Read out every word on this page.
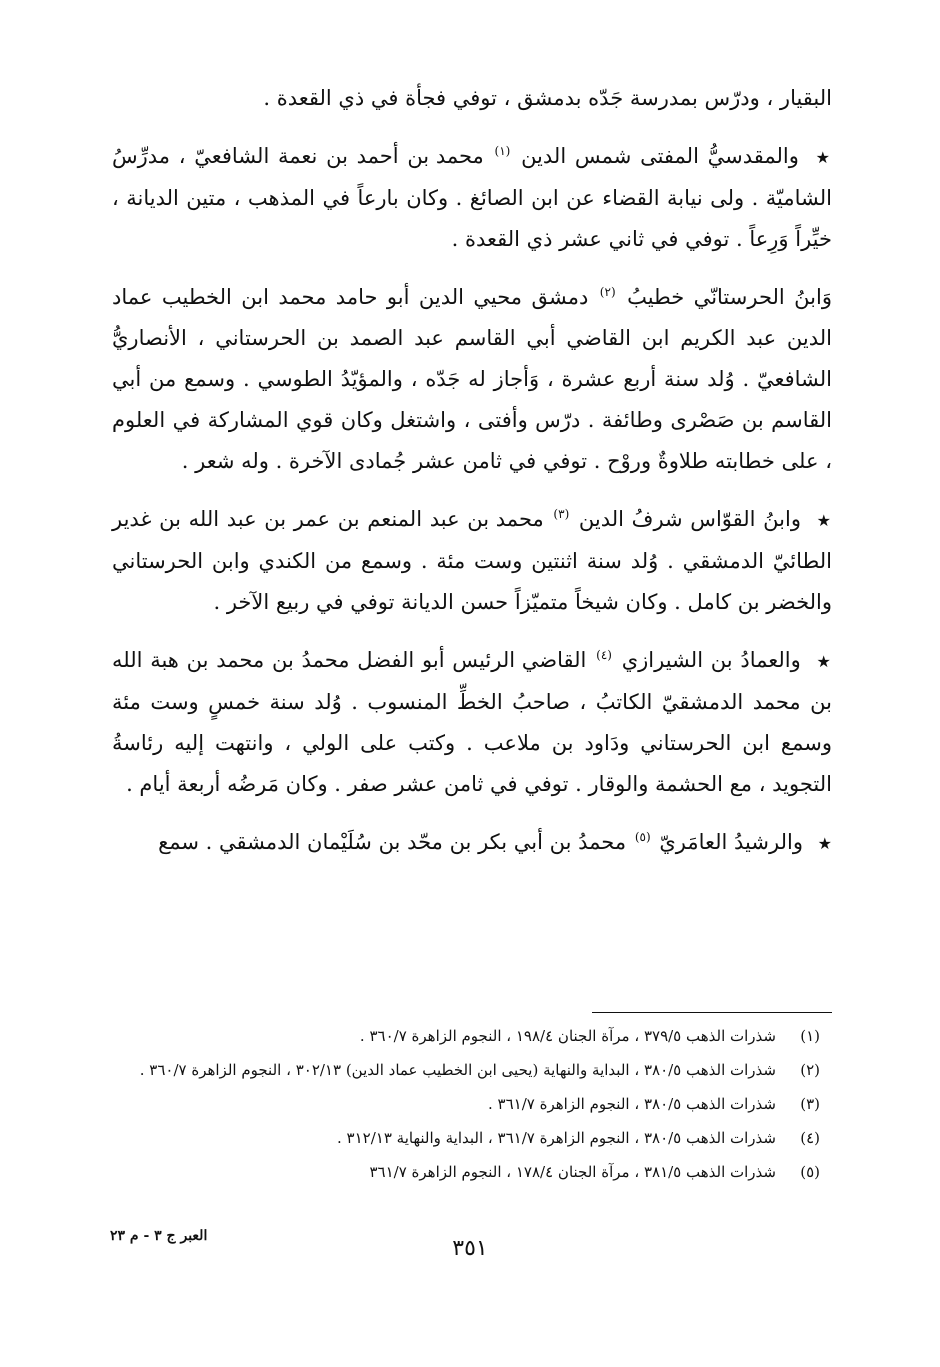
البقيار ، ودرّس بمدرسة جَدّه بدمشق ، توفي فجأة في ذي القعدة .

★ والمقدسيُّ المفتى شمس الدين $^{(١)}$ محمد بن أحمد بن نعمة الشافعيّ ، مدرِّسُ الشاميّة . ولى نيابة القضاء عن ابن الصائغ . وكان بارعاً في المذهب ، متين الديانة ، خيِّراً وَرِعاً . توفي في ثاني عشر ذي القعدة .

وَابنُ الحرستانّي خطيبُ $^{(٢)}$ دمشق محيي الدين أبو حامد محمد ابن الخطيب عماد الدين عبد الكريم ابن القاضي أبي القاسم عبد الصمد بن الحرستاني ، الأنصاريُّ الشافعيّ . وُلد سنة أربع عشرة ، وَأجاز له جَدّه ، والمؤيّدُ الطوسي . وسمع من أبي القاسم بن صَصْرى وطائفة . درّس وأفتى ، واشتغل وكان قوي المشاركة في العلوم ، على خطابته طلاوةٌ وروْح . توفي في ثامن عشر جُمادى الآخرة . وله شعر .

★ وابنُ القوّاس شرفُ الدين $^{(٣)}$ محمد بن عبد المنعم بن عمر بن عبد الله بن غدير الطائيّ الدمشقي . وُلد سنة اثنتين وست مئة . وسمع من الكندي وابن الحرستاني والخضر بن كامل . وكان شيخاً متميّزاً حسن الديانة توفي في ربيع الآخر .

★ والعمادُ بن الشيرازي $^{(٤)}$ القاضي الرئيس أبو الفضل محمدُ بن محمد بن هبة الله بن محمد الدمشقيّ الكاتبُ ، صاحبُ الخطِّ المنسوب . وُلد سنة خمسٍ وست مئة وسمع ابن الحرستاني ودَاود بن ملاعب . وكتب على الولي ، وانتهت إليه رئاسةُ التجويد ، مع الحشمة والوقار . توفي في ثامن عشر صفر . وكان مَرضُه أربعة أيام .

★ والرشيدُ العامَريّ $^{(٥)}$ محمدُ بن أبي بكر بن محّد بن سُلَيْمان الدمشقي . سمع

(١)
شذرات الذهب ٣٧٩/٥ ، مرآة الجنان ١٩٨/٤ ، النجوم الزاهرة ٣٦٠/٧ .
(٢)
شذرات الذهب ٣٨٠/٥ ، البداية والنهاية (يحيى ابن الخطيب عماد الدين) ٣٠٢/١٣ ، النجوم الزاهرة ٣٦٠/٧ .
(٣)
شذرات الذهب ٣٨٠/٥ ، النجوم الزاهرة ٣٦١/٧ .
(٤)
شذرات الذهب ٣٨٠/٥ ، النجوم الزاهرة ٣٦١/٧ ، البداية والنهاية ٣١٢/١٣ .
(٥)
شذرات الذهب ٣٨١/٥ ، مرآة الجنان ١٧٨/٤ ، النجوم الزاهرة ٣٦١/٧
العبر ج ٣ - م ٢٣	٣٥١
